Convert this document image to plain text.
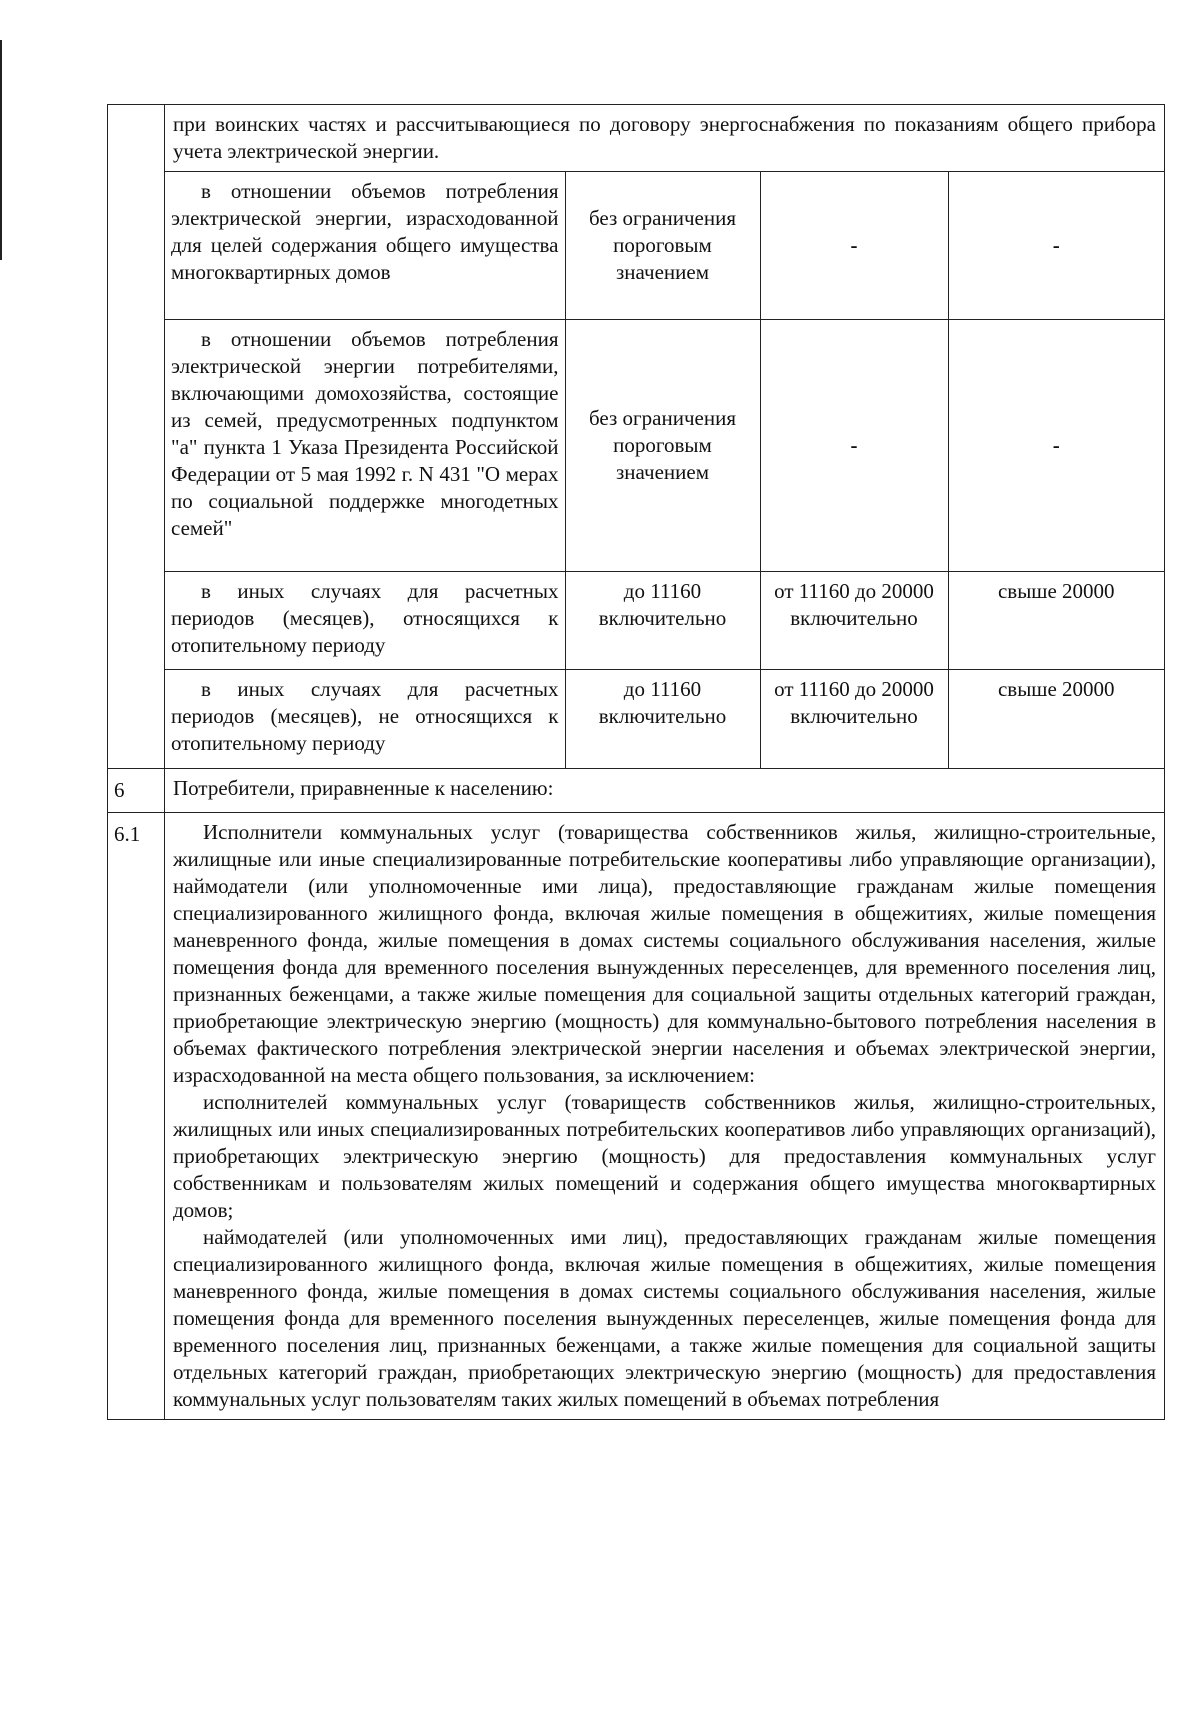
при воинских частях и рассчитывающиеся по договору энергоснабжения по показаниям общего прибора учета электрической энергии.
в отношении объемов потребления электрической энергии, израсходованной для целей содержания общего имущества многоквартирных домов	без ограничения пороговым значением	-	-
в отношении объемов потребления электрической энергии потребителями, включающими домохозяйства, состоящие из семей, предусмотренных подпунктом "а" пункта 1 Указа Президента Российской Федерации от 5 мая 1992 г. N 431 "О мерах по социальной поддержке многодетных семей"	без ограничения пороговым значением	-	-
в иных случаях для расчетных периодов (месяцев), относящихся к отопительному периоду	до 11160 включительно	от 11160 до 20000 включительно	свыше 20000
в иных случаях для расчетных периодов (месяцев), не относящихся к отопительному периоду	до 11160 включительно	от 11160 до 20000 включительно	свыше 20000

6	Потребители, приравненные к населению:
6.1	Исполнители коммунальных услуг (товарищества собственников жилья, жилищно-строительные, жилищные или иные специализированные потребительские кооперативы либо управляющие организации), наймодатели (или уполномоченные ими лица), предоставляющие гражданам жилые помещения специализированного жилищного фонда, включая жилые помещения в общежитиях, жилые помещения маневренного фонда, жилые помещения в домах системы социального обслуживания населения, жилые помещения фонда для временного поселения вынужденных переселенцев, для временного поселения лиц, признанных беженцами, а также жилые помещения для социальной защиты отдельных категорий граждан, приобретающие электрическую энергию (мощность) для коммунально-бытового потребления населения в объемах фактического потребления электрической энергии населения и объемах электрической энергии, израсходованной на места общего пользования, за исключением:

исполнителей коммунальных услуг (товариществ собственников жилья, жилищно-строительных, жилищных или иных специализированных потребительских кооперативов либо управляющих организаций), приобретающих электрическую энергию (мощность) для предоставления коммунальных услуг собственникам и пользователям жилых помещений и содержания общего имущества многоквартирных домов;

наймодателей (или уполномоченных ими лиц), предоставляющих гражданам жилые помещения специализированного жилищного фонда, включая жилые помещения в общежитиях, жилые помещения маневренного фонда, жилые помещения в домах системы социального обслуживания населения, жилые помещения фонда для временного поселения вынужденных переселенцев, жилые помещения фонда для временного поселения лиц, признанных беженцами, а также жилые помещения для социальной защиты отдельных категорий граждан, приобретающих электрическую энергию (мощность) для предоставления коммунальных услуг пользователям таких жилых помещений в объемах потребления
